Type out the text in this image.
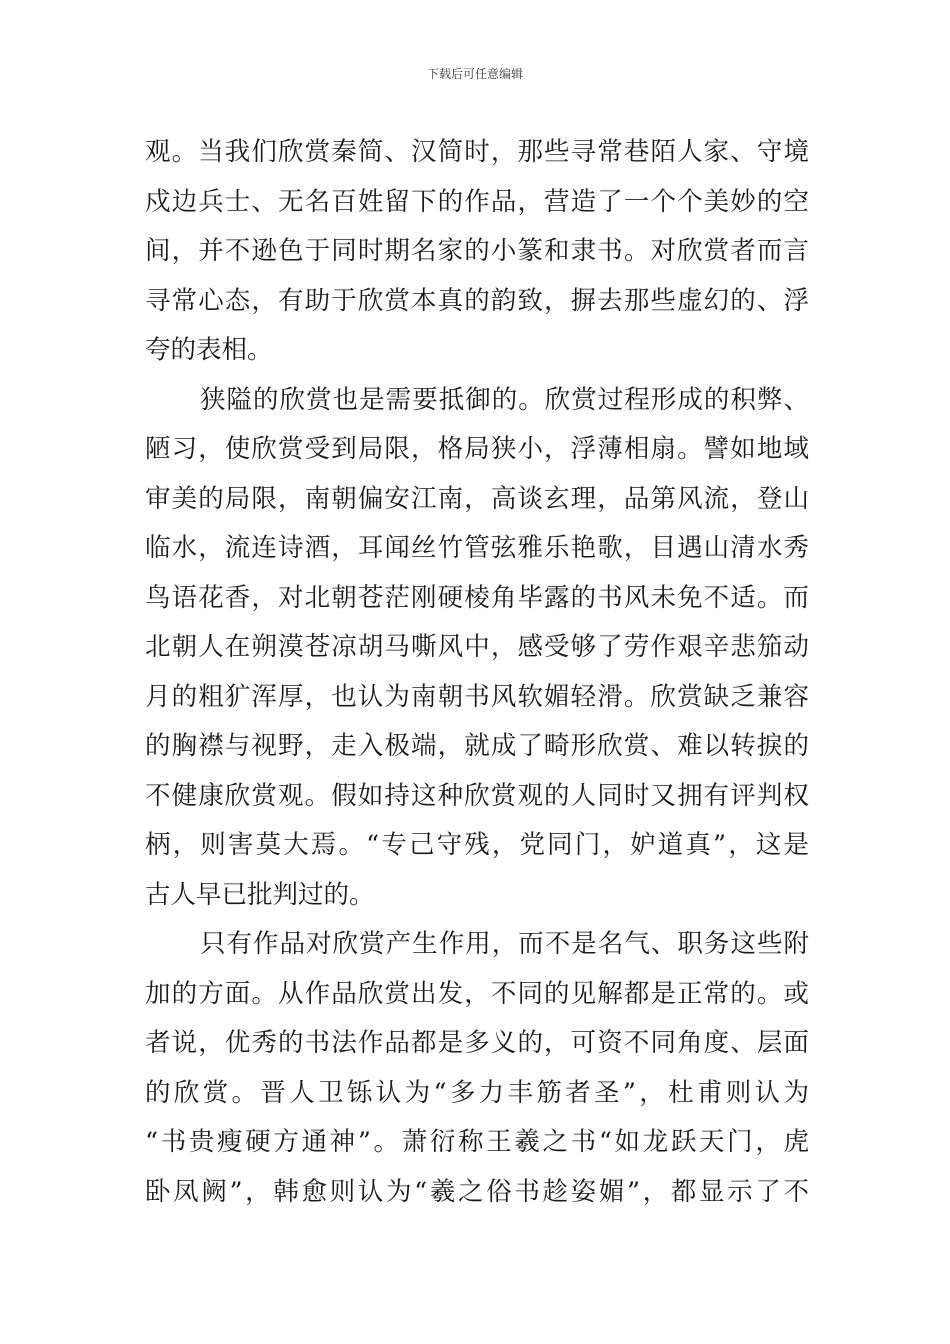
下载后可任意编辑
观。当我们欣赏秦简、汉简时，那些寻常巷陌人家、守境
戍边兵士、无名百姓留下的作品，营造了一个个美妙的空
间，并不逊色于同时期名家的小篆和隶书。对欣赏者而言
寻常心态，有助于欣赏本真的韵致，摒去那些虚幻的、浮
夸的表相。
狭隘的欣赏也是需要抵御的。欣赏过程形成的积弊、
陋习，使欣赏受到局限，格局狭小，浮薄相扇。譬如地域
审美的局限，南朝偏安江南，高谈玄理，品第风流，登山
临水，流连诗酒，耳闻丝竹管弦雅乐艳歌，目遇山清水秀
鸟语花香，对北朝苍茫刚硬棱角毕露的书风未免不适。而
北朝人在朔漠苍凉胡马嘶风中，感受够了劳作艰辛悲笳动
月的粗犷浑厚，也认为南朝书风软媚轻滑。欣赏缺乏兼容
的胸襟与视野，走入极端，就成了畸形欣赏、难以转捩的
不健康欣赏观。假如持这种欣赏观的人同时又拥有评判权
柄，则害莫大焉。“专己守残，党同门，妒道真”，这是
古人早已批判过的。
只有作品对欣赏产生作用，而不是名气、职务这些附
加的方面。从作品欣赏出发，不同的见解都是正常的。或
者说，优秀的书法作品都是多义的，可资不同角度、层面
的欣赏。晋人卫铄认为“多力丰筋者圣”，杜甫则认为
“书贵瘦硬方通神”。萧衍称王羲之书“如龙跃天门，虎
卧凤阙”，韩愈则认为“羲之俗书趁姿媚”，都显示了不
